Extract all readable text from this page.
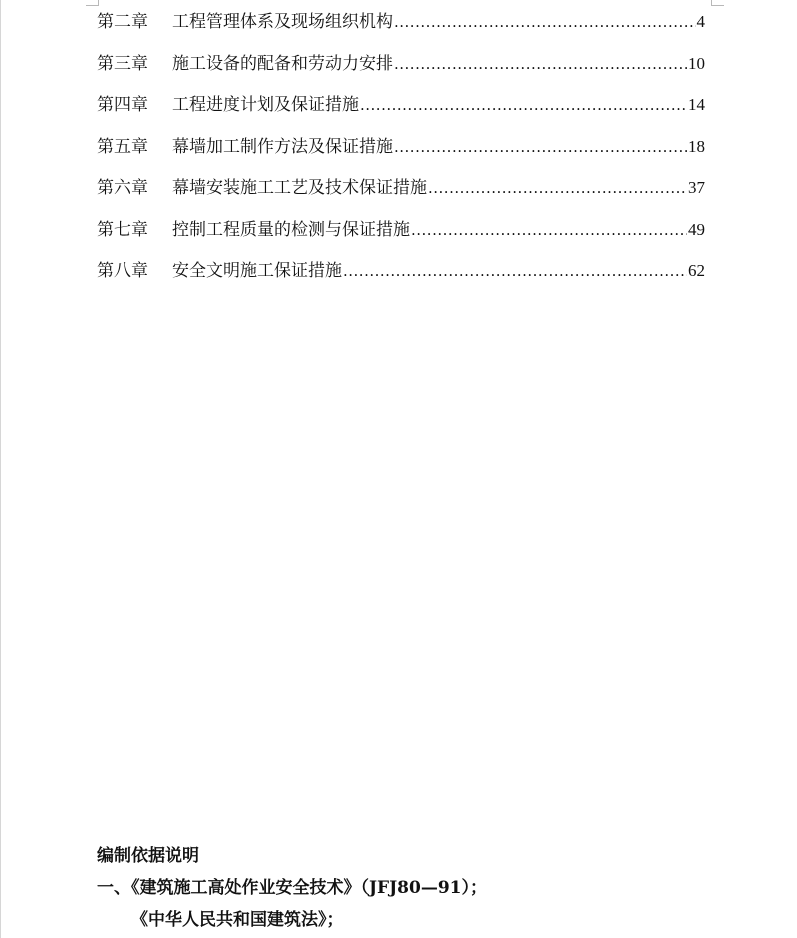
第二章	工程管理体系及现场组织机构 .....	4
第三章	施工设备的配备和劳动力安排 .....	10
第四章	工程进度计划及保证措施 .....	14
第五章	幕墙加工制作方法及保证措施 .....	18
第六章	幕墙安装施工工艺及技术保证措施 .....	37
第七章	控制工程质量的检测与保证措施 .....	49
第八章	安全文明施工保证措施 .....	62
编制依据说明
一、《建筑施工高处作业安全技术》（JFJ80—91）；
《中华人民共和国建筑法》；
